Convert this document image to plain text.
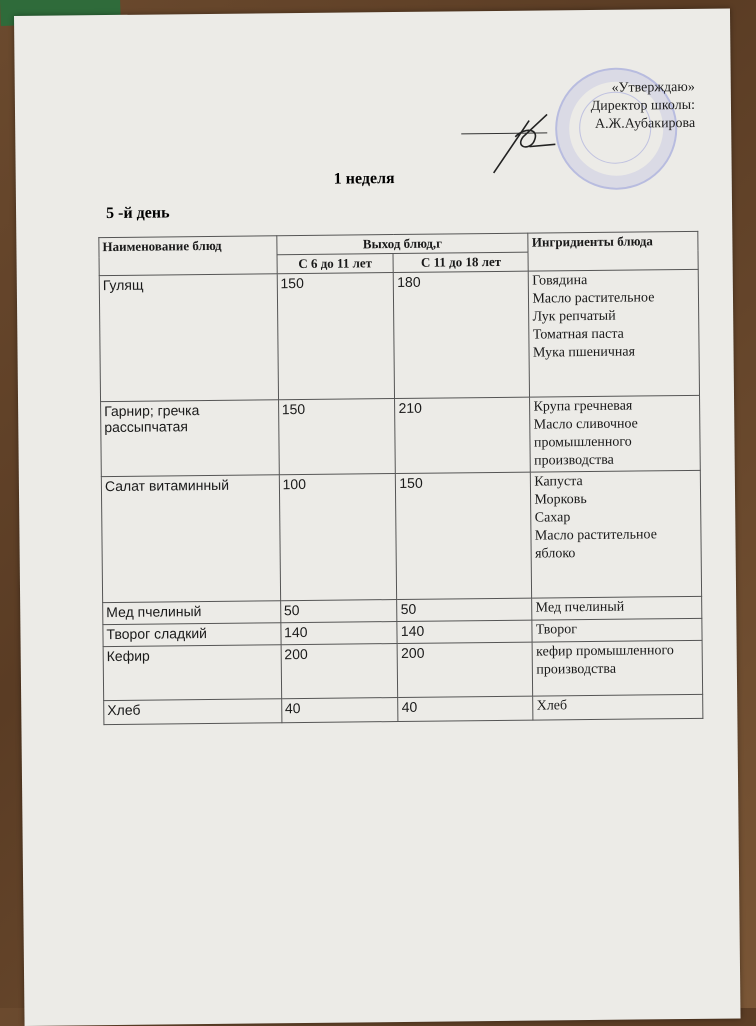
«Утверждаю»
Директор школы:
А.Ж.Аубакирова
1 неделя
5 -й день
Наименование блюд	Выход блюд,г		Ингридиенты блюда
	С 6 до 11 лет	С 11 до 18 лет	
Гулящ	150	180	Говядина
Масло растительное
Лук репчатый
Томатная паста
Мука пшеничная

Гарнир; гречка рассыпчатая	150	210	Крупа гречневая
Масло сливочное промышленного производства

Салат витаминный	100	150	Капуста
Морковь
Сахар
Масло растительное
яблоко

Мед пчелиный	50	50	Мед пчелиный

Творог сладкий	140	140	Творог

Кефир	200	200	кефир промышленного производства

Хлеб	40	40	Хлеб
